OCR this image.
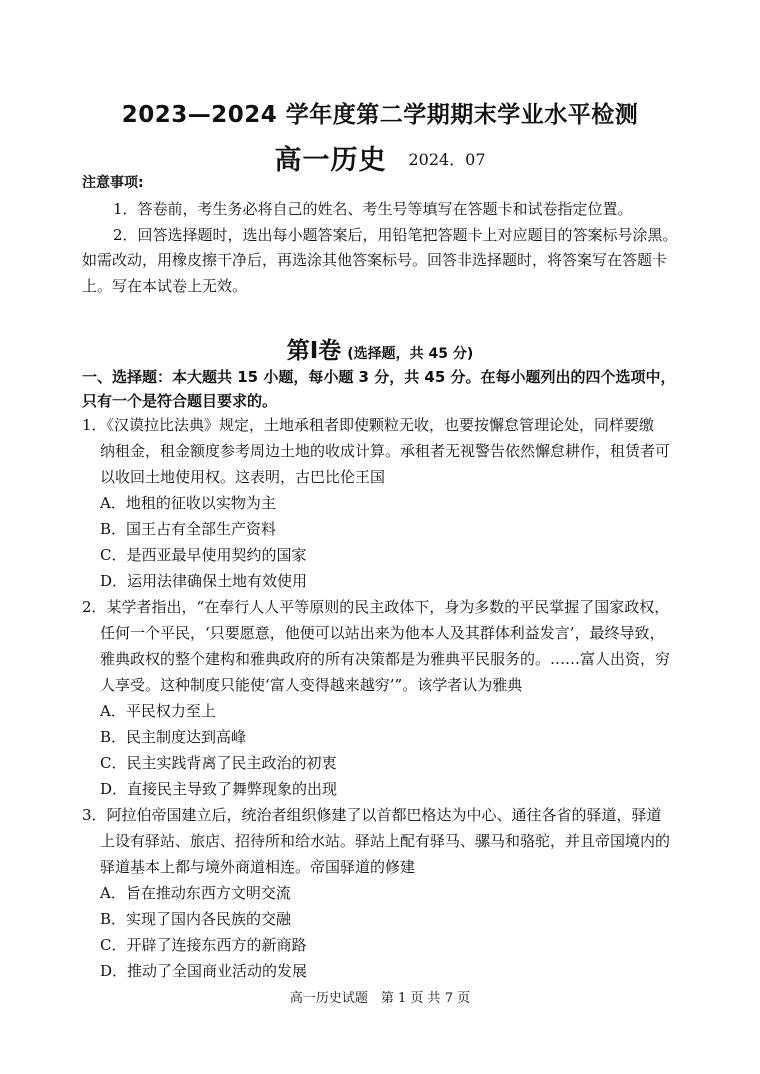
2023—2024 学年度第二学期期末学业水平检测
高一历史 2024．07
注意事项:
1．答卷前，考生务必将自己的姓名、考生号等填写在答题卡和试卷指定位置。
2．回答选择题时，选出每小题答案后，用铅笔把答题卡上对应题目的答案标号涂黑。
如需改动，用橡皮擦干净后，再选涂其他答案标号。回答非选择题时，将答案写在答题卡
上。写在本试卷上无效。
第Ⅰ卷 (选择题，共 45 分)
一、选择题：本大题共 15 小题，每小题 3 分，共 45 分。在每小题列出的四个选项中，
只有一个是符合题目要求的。
1．《汉谟拉比法典》规定，土地承租者即使颗粒无收，也要按懈怠管理论处，同样要缴
纳租金，租金额度参考周边土地的收成计算。承租者无视警告依然懈怠耕作，租赁者可
以收回土地使用权。这表明，古巴比伦王国
A．地租的征收以实物为主
B．国王占有全部生产资料
C．是西亚最早使用契约的国家
D．运用法律确保土地有效使用
2．某学者指出，“在奉行人人平等原则的民主政体下，身为多数的平民掌握了国家政权，
任何一个平民，‘只要愿意，他便可以站出来为他本人及其群体利益发言’，最终导致，
雅典政权的整个建构和雅典政府的所有决策都是为雅典平民服务的。……富人出资，穷
人享受。这种制度只能使‘富人变得越来越穷’”。该学者认为雅典
A．平民权力至上
B．民主制度达到高峰
C．民主实践背离了民主政治的初衷
D．直接民主导致了舞弊现象的出现
3．阿拉伯帝国建立后，统治者组织修建了以首都巴格达为中心、通往各省的驿道，驿道
上设有驿站、旅店、招待所和给水站。驿站上配有驿马、骡马和骆驼，并且帝国境内的
驿道基本上都与境外商道相连。帝国驿道的修建
A．旨在推动东西方文明交流
B．实现了国内各民族的交融
C．开辟了连接东西方的新商路
D．推动了全国商业活动的发展
高一历史试题　第 1 页 共 7 页
